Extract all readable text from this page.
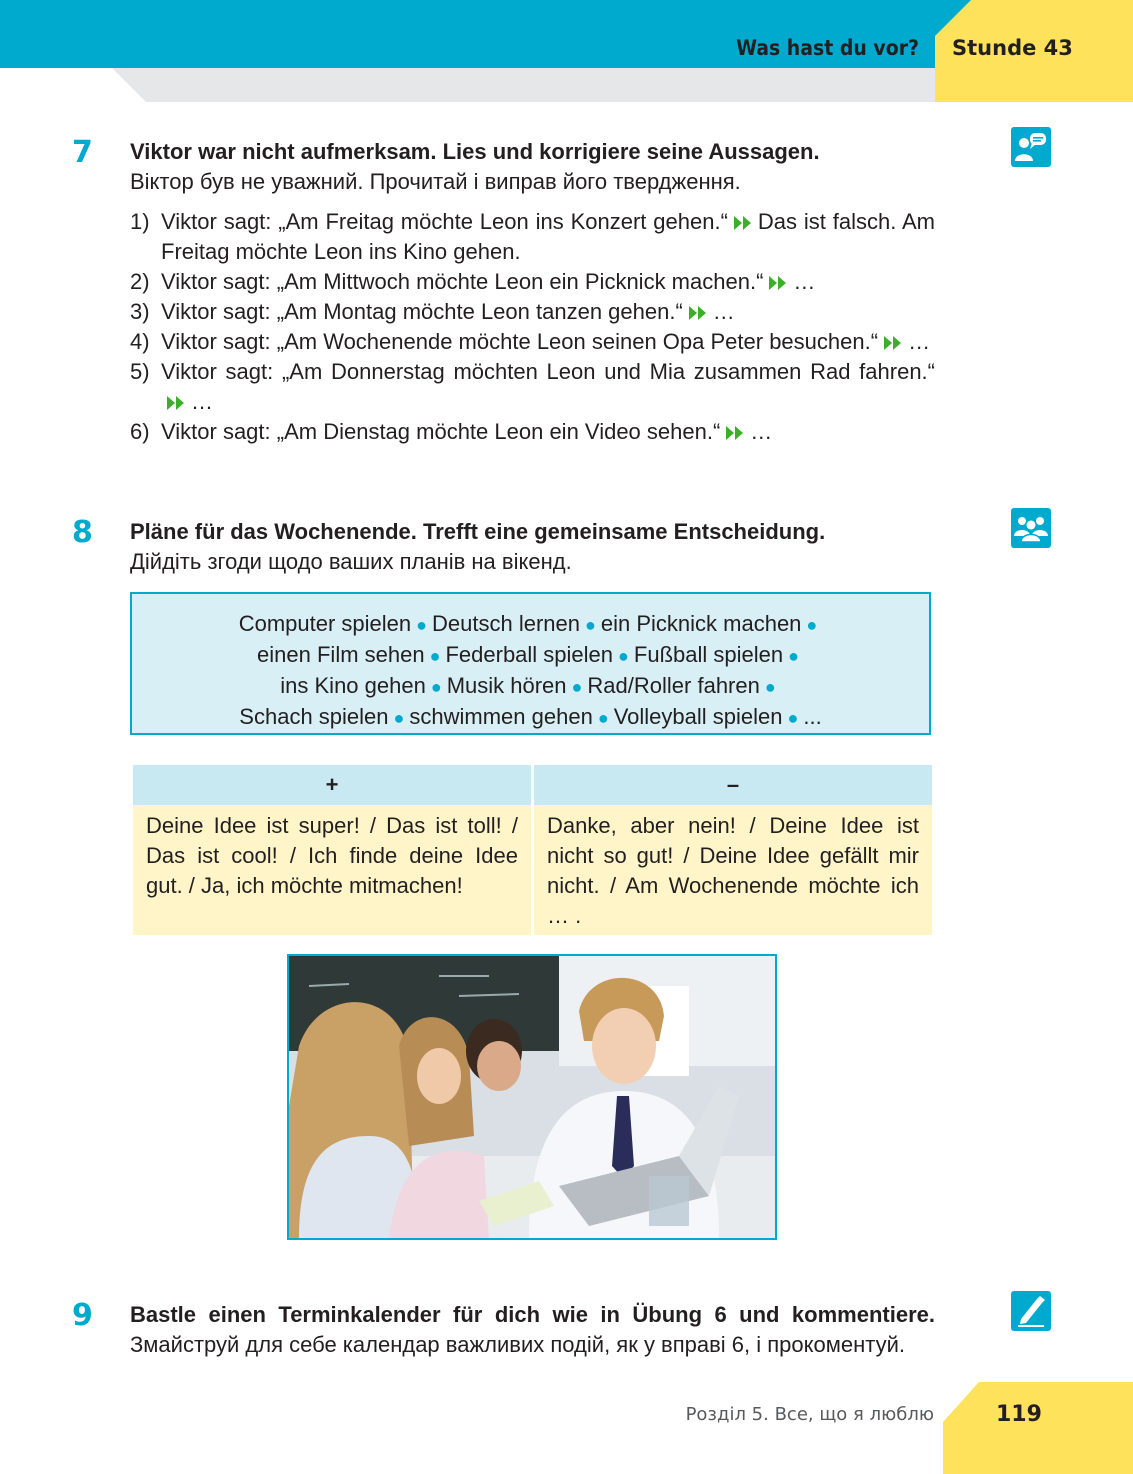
Was hast du vor? Stunde 43
7 Viktor war nicht aufmerksam. Lies und korrigiere seine Aussagen.
Віктор був не уважний. Прочитай і виправ його твердження.
1) Viktor sagt: „Am Freitag möchte Leon ins Konzert gehen.“ Das ist falsch. Am Freitag möchte Leon ins Kino gehen.
2) Viktor sagt: „Am Mittwoch möchte Leon ein Picknick machen.“ …
3) Viktor sagt: „Am Montag möchte Leon tanzen gehen.“ …
4) Viktor sagt: „Am Wochenende möchte Leon seinen Opa Peter besuchen.“ …
5) Viktor sagt: „Am Donnerstag möchten Leon und Mia zusammen Rad fahren.“…
6) Viktor sagt: „Am Dienstag möchte Leon ein Video sehen.“ …
8 Pläne für das Wochenende. Trefft eine gemeinsame Entscheidung.
Дійдіть згоди щодо ваших планів на вікенд.
Computer spielen ● Deutsch lernen ● ein Picknick machen ●
einen Film sehen ● Federball spielen ● Fußball spielen ●
ins Kino gehen ● Musik hören ● Rad/Roller fahren ●
Schach spielen ● schwimmen gehen ● Volleyball spielen ● ...
+	–
Deine Idee ist super! / Das ist toll! / Das ist cool! / Ich finde deine Idee gut. / Ja, ich möchte mitmachen!	Danke, aber nein! / Deine Idee ist nicht so gut! / Deine Idee gefällt mir nicht. / Am Wochenende möchte ich … .
9 Bastle einen Terminkalender für dich wie in Übung 6 und kommentiere. Змайструй для себе календар важливих подій, як у вправі 6, і прокоментуй.
Розділ 5. Все, що я люблю	119
